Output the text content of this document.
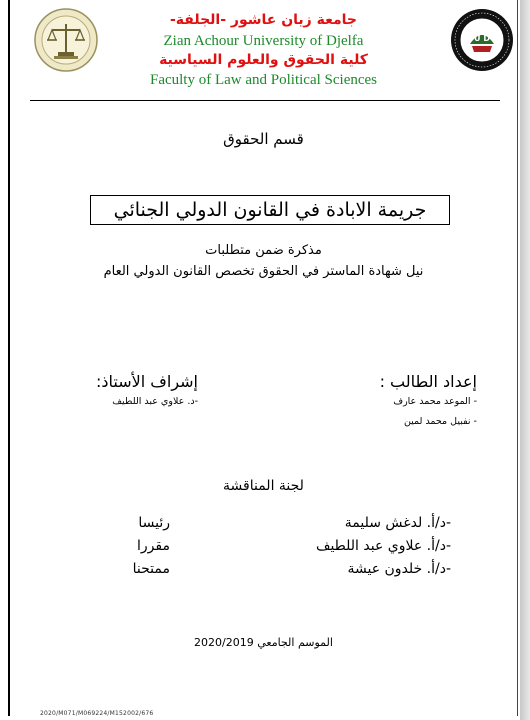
U D
جامعة زيان عاشور -الجلفة-
Zian Achour University of Djelfa
كلية الحقوق والعلوم السياسية
Faculty of Law and Political Sciences
قسم الحقوق
جريمة الابادة في القانون الدولي الجنائي
مذكرة ضمن متطلبات
نيل شهادة الماستر في الحقوق تخصص القانون الدولي العام
إعداد الطالب :
- الموعد محمد عارف
- نفبيل محمد لمين
إشراف الأستاذ:
-د. علاوي عبد اللطيف
لجنة المناقشة
-د/أ. لدغش سليمة
رئيسا
-د/أ. علاوي عبد اللطيف
مقررا
-د/أ. خلدون عيشة
ممتحنا
الموسم الجامعي 2020/2019
2020/M071/M069224/M152002/676
